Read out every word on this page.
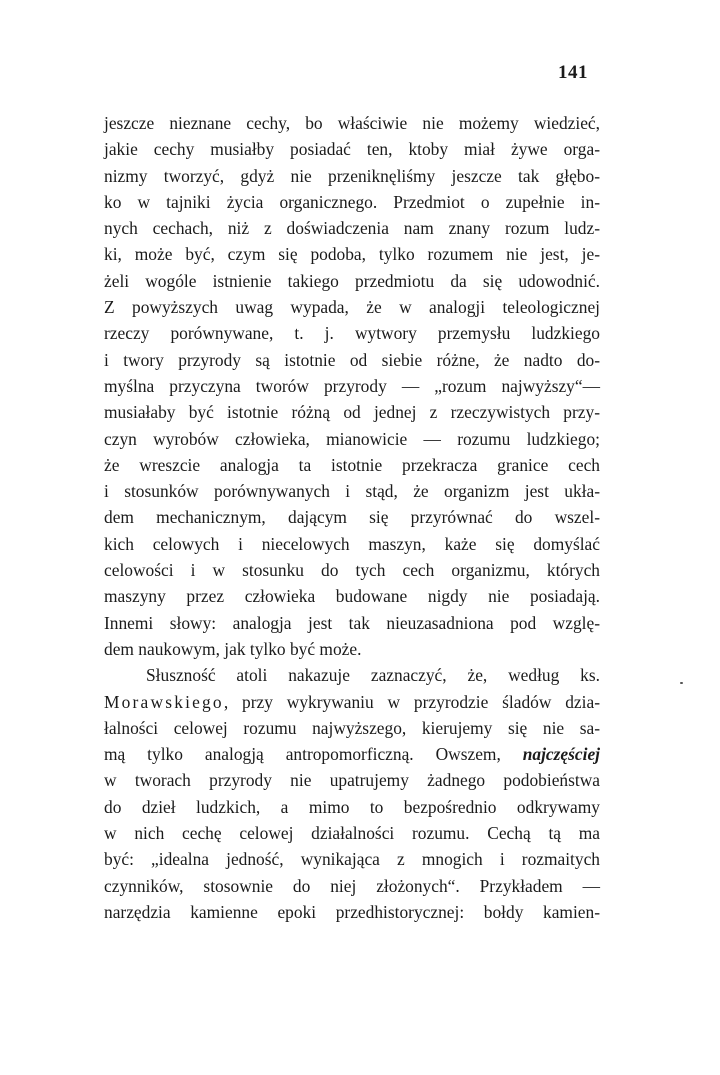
141
jeszcze nieznane cechy, bo właściwie nie możemy wiedzieć,
jakie cechy musiałby posiadać ten, ktoby miał żywe orga-
nizmy tworzyć, gdyż nie przeniknęliśmy jeszcze tak głębo-
ko w tajniki życia organicznego. Przedmiot o zupełnie in-
nych cechach, niż z doświadczenia nam znany rozum ludz-
ki, może być, czym się podoba, tylko rozumem nie jest, je-
żeli wogóle istnienie takiego przedmiotu da się udowodnić.
Z powyższych uwag wypada, że w analogji teleologicznej
rzeczy porównywane, t. j. wytwory przemysłu ludzkiego
i twory przyrody są istotnie od siebie różne, że nadto do-
myślna przyczyna tworów przyrody — „rozum najwyższy“—
musiałaby być istotnie różną od jednej z rzeczywistych przy-
czyn wyrobów człowieka, mianowicie — rozumu ludzkiego;
że wreszcie analogja ta istotnie przekracza granice cech
i stosunków porównywanych i stąd, że organizm jest ukła-
dem mechanicznym, dającym się przyrównać do wszel-
kich celowych i niecelowych maszyn, każe się domyślać
celowości i w stosunku do tych cech organizmu, których
maszyny przez człowieka budowane nigdy nie posiadają.
Innemi słowy: analogja jest tak nieuzasadniona pod wzglę-
dem naukowym, jak tylko być może.
Słuszność atoli nakazuje zaznaczyć, że, według ks.
Morawskiego, przy wykrywaniu w przyrodzie śladów dzia-
łalności celowej rozumu najwyższego, kierujemy się nie sa-
mą tylko analogją antropomorficzną. Owszem, najczęściej
w tworach przyrody nie upatrujemy żadnego podobieństwa
do dzieł ludzkich, a mimo to bezpośrednio odkrywamy
w nich cechę celowej działalności rozumu. Cechą tą ma
być: „idealna jedność, wynikająca z mnogich i rozmaitych
czynników, stosownie do niej złożonych“. Przykładem —
narzędzia kamienne epoki przedhistorycznej: bołdy kamien-
